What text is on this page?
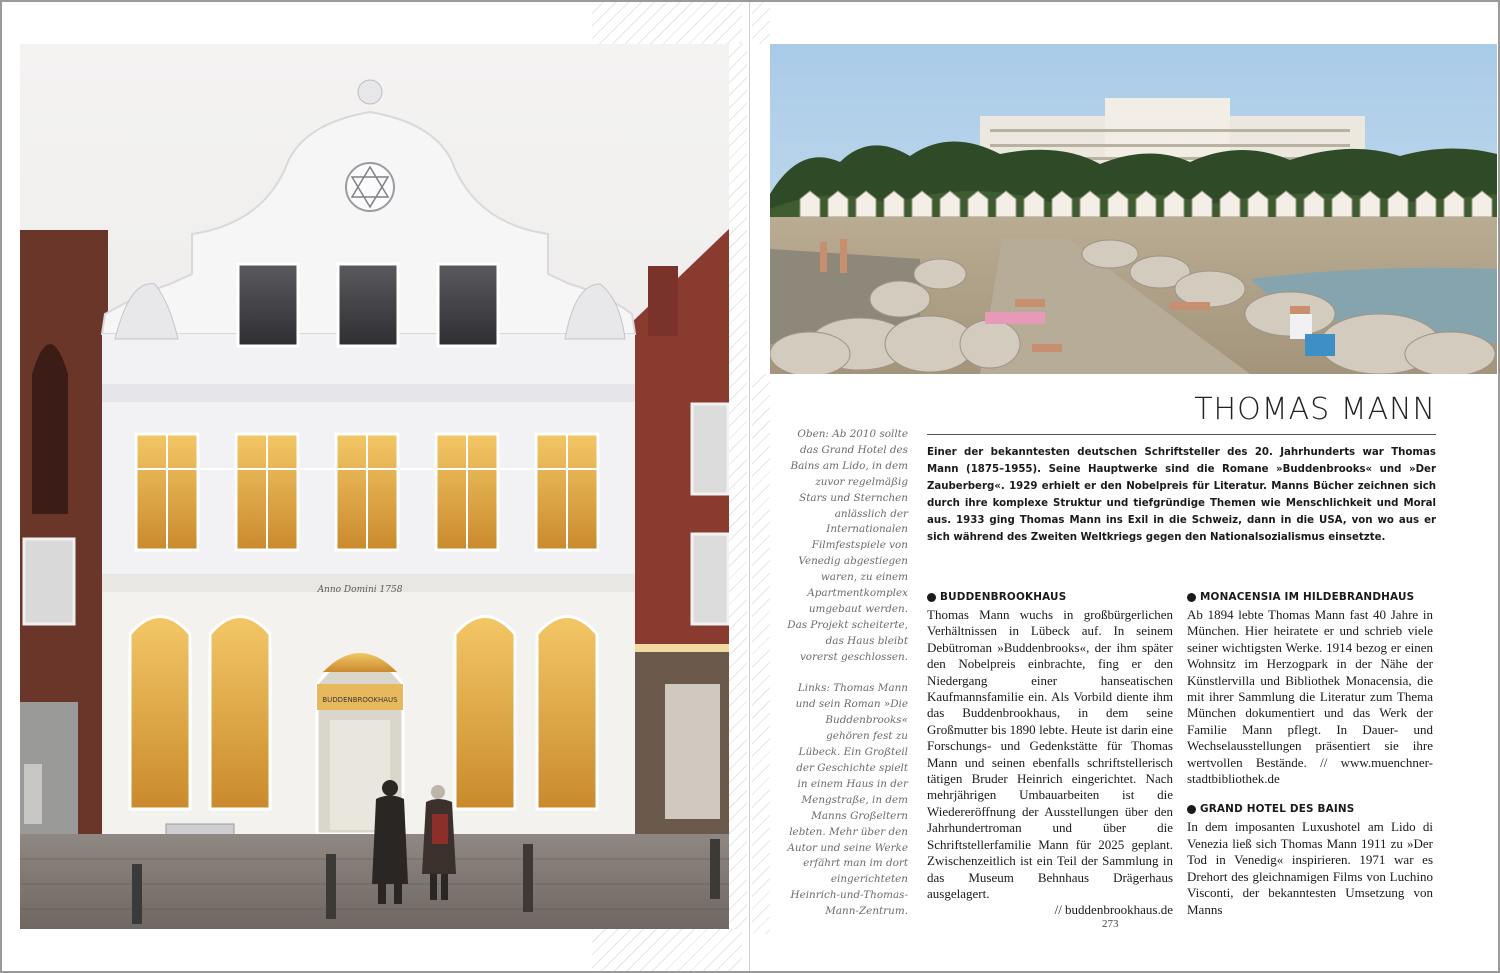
BUDDENBROOKHAUS
Anno Domini 1758
THOMAS MANN

Oben: Ab 2010 sollte das Grand Hotel des Bains am Lido, in dem zuvor regelmäßig Stars und Sternchen anlässlich der Internationalen Filmfestspiele von Venedig abgestiegen waren, zu einem Apartmentkomplex umgebaut werden. Das Projekt scheiterte, das Haus bleibt vorerst geschlossen.

Links: Thomas Mann und sein Roman »Die Buddenbrooks« gehören fest zu Lübeck. Ein Großteil der Geschichte spielt in einem Haus in der Mengstraße, in dem Manns Großeltern lebten. Mehr über den Autor und seine Werke erfährt man im dort eingerichteten Heinrich-und-Thomas-Mann-Zentrum.

Einer der bekanntesten deutschen Schriftsteller des 20. Jahrhunderts war Thomas Mann (1875–1955). Seine Hauptwerke sind die Romane »Buddenbrooks« und »Der Zauberberg«. 1929 erhielt er den Nobelpreis für Literatur. Manns Bücher zeichnen sich durch ihre komplexe Struktur und tiefgründige Themen wie Menschlichkeit und Moral aus. 1933 ging Thomas Mann ins Exil in die Schweiz, dann in die USA, von wo aus er sich während des Zweiten Weltkriegs gegen den Nationalsozialismus einsetzte.
BUDDENBROOKHAUS

Thomas Mann wuchs in großbürgerlichen Verhältnissen in Lübeck auf. In seinem Debütroman »Buddenbrooks«, der ihm später den Nobelpreis einbrachte, fing er den Niedergang einer hanseatischen Kaufmannsfamilie ein. Als Vorbild diente ihm das Buddenbrookhaus, in dem seine Großmutter bis 1890 lebte. Heute ist darin eine Forschungs- und Gedenkstätte für Thomas Mann und seinen ebenfalls schriftstellerisch tätigen Bruder Heinrich eingerichtet. Nach mehrjährigen Umbauarbeiten ist die Wiedereröffnung der Ausstellungen über den Jahrhundertroman und über die Schriftstellerfamilie Mann für 2025 geplant. Zwischenzeitlich ist ein Teil der Sammlung in das Museum Behnhaus Drägerhaus ausgelagert.

// buddenbrookhaus.de
MONACENSIA IM HILDEBRANDHAUS

Ab 1894 lebte Thomas Mann fast 40 Jahre in München. Hier heiratete er und schrieb viele seiner wichtigsten Werke. 1914 bezog er einen Wohnsitz im Herzogpark in der Nähe der Künstlervilla und Bibliothek Monacensia, die mit ihrer Sammlung die Literatur zum Thema München dokumentiert und das Werk der Familie Mann pflegt. In Dauer- und Wechselausstellungen präsentiert sie ihre wertvollen Bestände. // www.muenchner-stadtbibliothek.de

GRAND HOTEL DES BAINS

In dem imposanten Luxushotel am Lido di Venezia ließ sich Thomas Mann 1911 zu »Der Tod in Venedig« inspirieren. 1971 war es Drehort des gleichnamigen Films von Luchino Visconti, der bekanntesten Umsetzung von Manns

273
